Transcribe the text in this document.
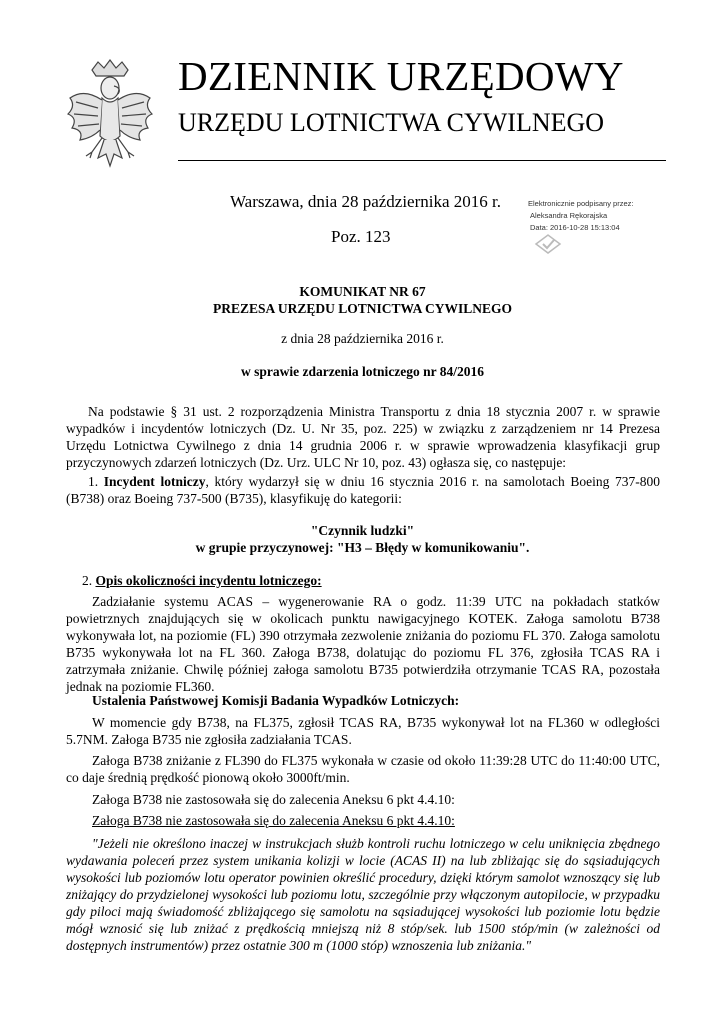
DZIENNIK URZĘDOWY
URZĘDU LOTNICTWA CYWILNEGO
Warszawa, dnia 28 października 2016 r.
Poz. 123
Elektronicznie podpisany przez:
Aleksandra Rękorajska
Data: 2016-10-28 15:13:04
KOMUNIKAT NR 67
PREZESA URZĘDU LOTNICTWA CYWILNEGO
z dnia 28 października 2016 r.
w sprawie zdarzenia lotniczego nr 84/2016
Na podstawie § 31 ust. 2 rozporządzenia Ministra Transportu z dnia 18 stycznia 2007 r. w sprawie wypadków i incydentów lotniczych (Dz. U. Nr 35, poz. 225) w związku z zarządzeniem nr 14 Prezesa Urzędu Lotnictwa Cywilnego z dnia 14 grudnia 2006 r. w sprawie wprowadzenia klasyfikacji grup przyczynowych zdarzeń lotniczych (Dz. Urz. ULC Nr 10, poz. 43) ogłasza się, co następuje:
1. Incydent lotniczy, który wydarzył się w dniu 16 stycznia 2016 r. na samolotach Boeing 737-800 (B738) oraz Boeing 737-500 (B735), klasyfikuję do kategorii:
"Czynnik ludzki"
w grupie przyczynowej: "H3 – Błędy w komunikowaniu".
2. Opis okoliczności incydentu lotniczego:
Zadziałanie systemu ACAS – wygenerowanie RA o godz. 11:39 UTC na pokładach statków powietrznych znajdujących się w okolicach punktu nawigacyjnego KOTEK. Załoga samolotu B738 wykonywała lot, na poziomie (FL) 390 otrzymała zezwolenie zniżania do poziomu FL 370. Załoga samolotu B735 wykonywała lot na FL 360. Załoga B738, dolatując do poziomu FL 376, zgłosiła TCAS RA i zatrzymała zniżanie. Chwilę później załoga samolotu B735 potwierdziła otrzymanie TCAS RA, pozostała jednak na poziomie FL360.
Ustalenia Państwowej Komisji Badania Wypadków Lotniczych:
W momencie gdy B738, na FL375, zgłosił TCAS RA, B735 wykonywał lot na FL360 w odległości 5.7NM. Załoga B735 nie zgłosiła zadziałania TCAS.
Załoga B738 zniżanie z FL390 do FL375 wykonała w czasie od około 11:39:28 UTC do 11:40:00 UTC, co daje średnią prędkość pionową około 3000ft/min.
Załoga B738 nie zastosowała się do zalecenia Aneksu 6 pkt 4.4.10:
Załoga B738 nie zastosowała się do zalecenia Aneksu 6 pkt 4.4.10:
"Jeżeli nie określono inaczej w instrukcjach służb kontroli ruchu lotniczego w celu uniknięcia zbędnego wydawania poleceń przez system unikania kolizji w locie (ACAS II) na lub zbliżając się do sąsiadujących wysokości lub poziomów lotu operator powinien określić procedury, dzięki którym samolot wznoszący się lub zniżający do przydzielonej wysokości lub poziomu lotu, szczególnie przy włączonym autopilocie, w przypadku gdy piloci mają świadomość zbliżającego się samolotu na sąsiadującej wysokości lub poziomie lotu będzie mógł wznosić się lub zniżać z prędkością mniejszą niż 8 stóp/sek. lub 1500 stóp/min (w zależności od dostępnych instrumentów) przez ostatnie 300 m (1000 stóp) wznoszenia lub zniżania."
